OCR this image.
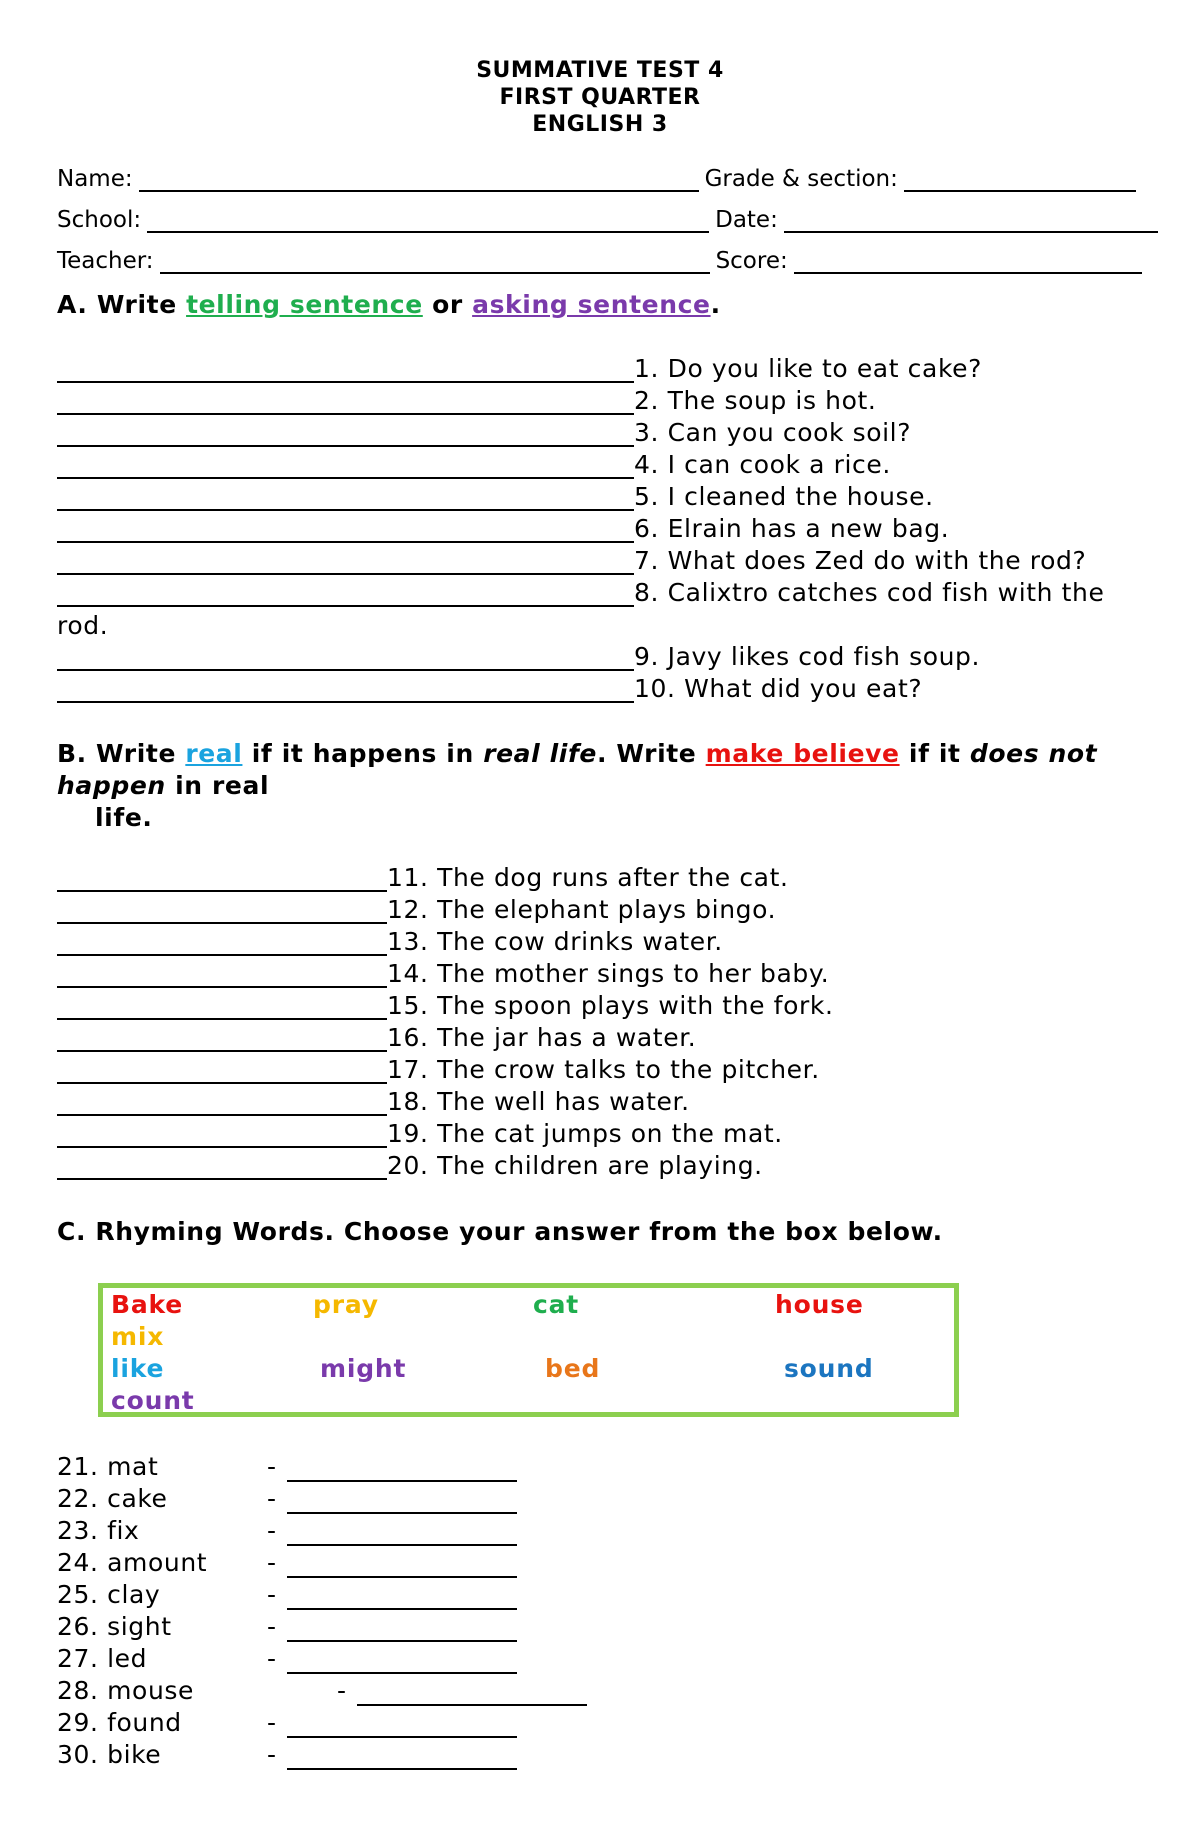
SUMMATIVE TEST 4
FIRST QUARTER
ENGLISH 3
Name:	Grade & section:
School:	Date:
Teacher:	Score:
A. Write telling sentence or asking sentence.
1. Do you like to eat cake?
2. The soup is hot.
3. Can you cook soil?
4. I can cook a rice.
5. I cleaned the house.
6. Elrain has a new bag.
7. What does Zed do with the rod?
8. Calixtro catches cod fish with the
rod.
9. Javy likes cod fish soup.
10. What did you eat?
B. Write real if it happens in real life. Write make believe if it does not
happen in real
life.
11. The dog runs after the cat.
12. The elephant plays bingo.
13. The cow drinks water.
14. The mother sings to her baby.
15. The spoon plays with the fork.
16. The jar has a water.
17. The crow talks to the pitcher.
18. The well has water.
19. The cat jumps on the mat.
20. The children are playing.
C. Rhyming Words. Choose your answer from the box below.
Bake	pray	cat	house
mix
like	might	bed	sound
count
21. mat	-
22. cake	-
23. fix	-
24. amount -
25. clay	-
26. sight	-
27. led	-
28. mouse	-
29. found	-
30. bike	-
